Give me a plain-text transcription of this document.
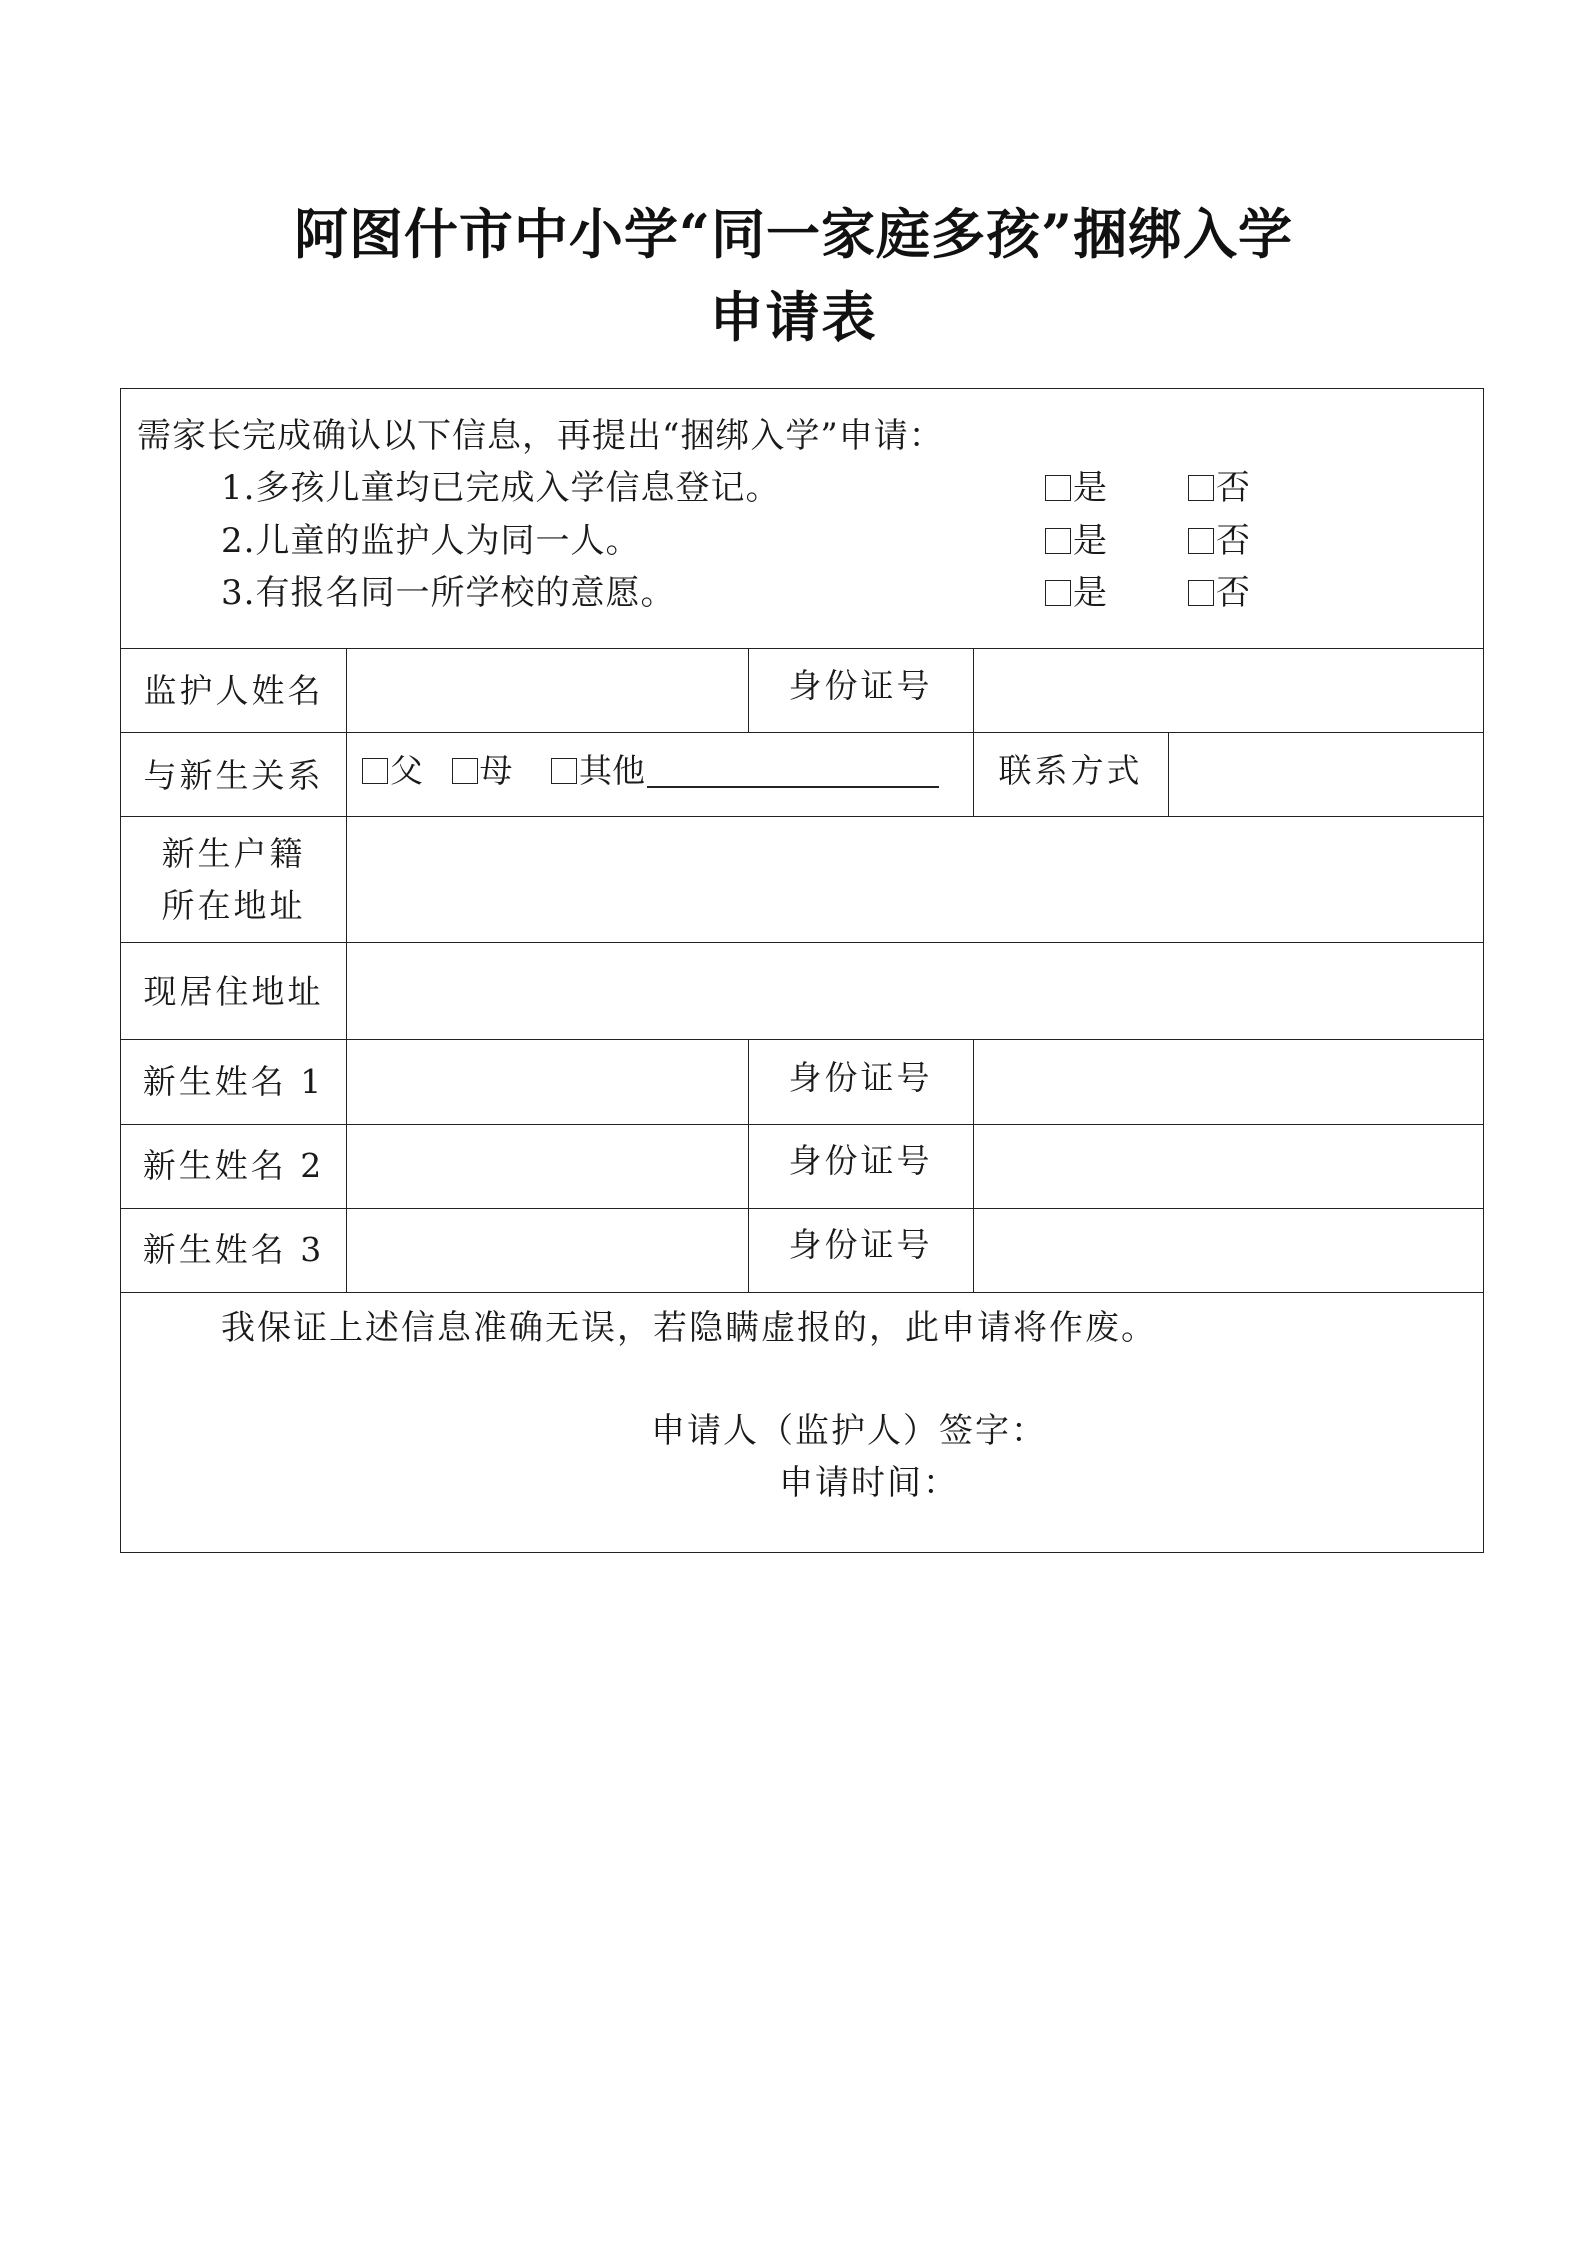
阿图什市中小学“同一家庭多孩”捆绑入学
申请表
需家长完成确认以下信息，再提出“捆绑入学”申请：
1.多孩儿童均已完成入学信息登记。	是	否
2.儿童的监护人为同一人。	是	否
3.有报名同一所学校的意愿。	是	否
监护人姓名	身份证号
与新生关系	父 母 其他	联系方式
新生户籍
所在地址
现居住地址
新生姓名 1	身份证号
新生姓名 2	身份证号
新生姓名 3	身份证号
我保证上述信息准确无误，若隐瞒虚报的，此申请将作废。
申请人（监护人）签字：
申请时间：
